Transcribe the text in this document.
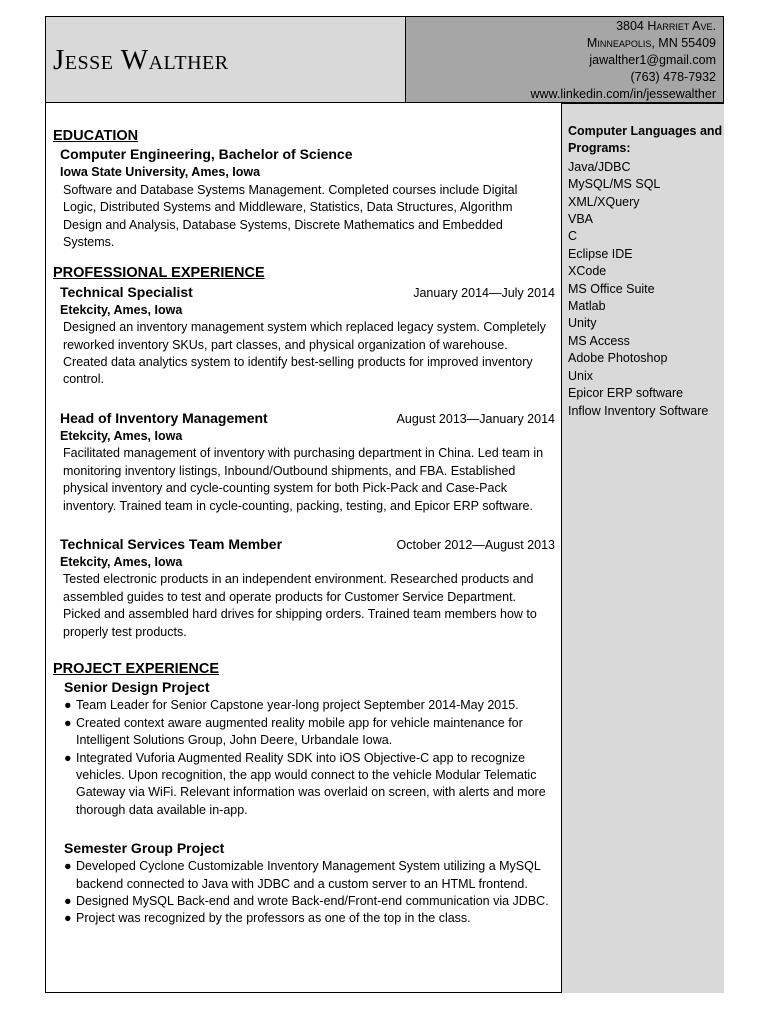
Jesse Walther
3804 Harriet Ave.
Minneapolis, MN 55409
jawalther1@gmail.com
(763) 478-7932
www.linkedin.com/in/jessewalther
EDUCATION
Computer Engineering, Bachelor of Science
Iowa State University, Ames, Iowa

Software and Database Systems Management. Completed courses include Digital Logic, Distributed Systems and Middleware, Statistics, Data Structures, Algorithm Design and Analysis, Database Systems, Discrete Mathematics and Embedded Systems.

PROFESSIONAL EXPERIENCE
Technical Specialist	January 2014—July 2014
Etekcity, Ames, Iowa

Designed an inventory management system which replaced legacy system. Completely reworked inventory SKUs, part classes, and physical organization of warehouse. Created data analytics system to identify best-selling products for improved inventory control.

Head of Inventory Management	August 2013—January 2014
Etekcity, Ames, Iowa

Facilitated management of inventory with purchasing department in China. Led team in monitoring inventory listings, Inbound/Outbound shipments, and FBA. Established physical inventory and cycle-counting system for both Pick-Pack and Case-Pack inventory. Trained team in cycle-counting, packing, testing, and Epicor ERP software.

Technical Services Team Member	October 2012—August 2013
Etekcity, Ames, Iowa

Tested electronic products in an independent environment. Researched products and assembled guides to test and operate products for Customer Service Department. Picked and assembled hard drives for shipping orders. Trained team members how to properly test products.

PROJECT EXPERIENCE

Senior Design Project

● Team Leader for Senior Capstone year-long project September 2014-May 2015.
● Created context aware augmented reality mobile app for vehicle maintenance for Intelligent Solutions Group, John Deere, Urbandale Iowa.
● Integrated Vuforia Augmented Reality SDK into iOS Objective-C app to recognize vehicles. Upon recognition, the app would connect to the vehicle Modular Telematic Gateway via WiFi. Relevant information was overlaid on screen, with alerts and more thorough data available in-app.

Semester Group Project

● Developed Cyclone Customizable Inventory Management System utilizing a MySQL backend connected to Java with JDBC and a custom server to an HTML frontend.
● Designed MySQL Back-end and wrote Back-end/Front-end communication via JDBC.
● Project was recognized by the professors as one of the top in the class.

Computer Languages and Programs:

Java/JDBC
MySQL/MS SQL
XML/XQuery
VBA
C
Eclipse IDE
XCode
MS Office Suite
Matlab
Unity
MS Access
Adobe Photoshop
Unix
Epicor ERP software
Inflow Inventory Software
